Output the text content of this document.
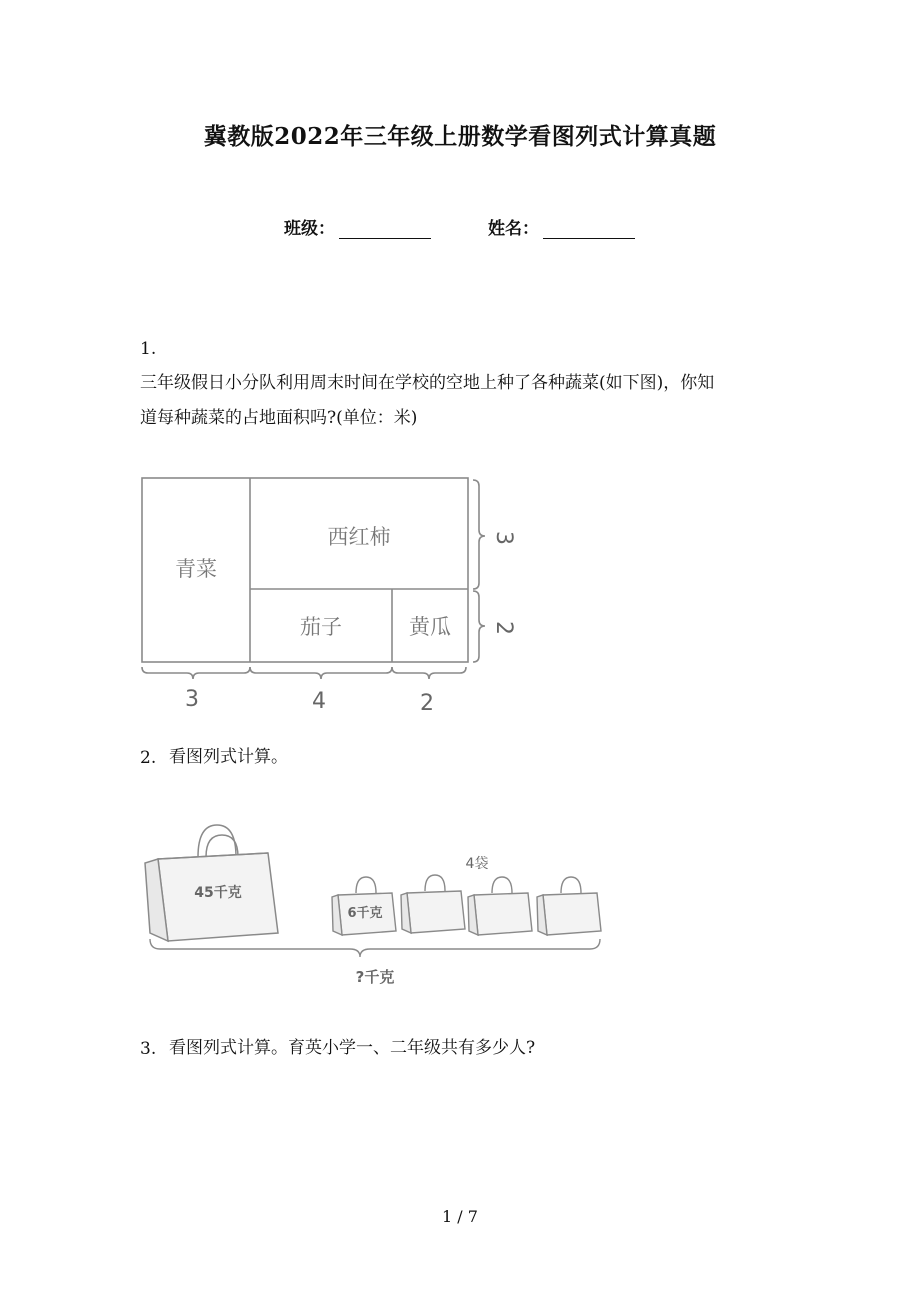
冀教版2022年三年级上册数学看图列式计算真题
班级：	姓名：
1.
三年级假日小分队利用周末时间在学校的空地上种了各种蔬菜(如下图)，你知
道每种蔬菜的占地面积吗?(单位：米)
青菜
西红柿
茄子	黄瓜
3	4	2
3
2
2. 看图列式计算。
45千克
6千克
4袋
?千克
3. 看图列式计算。育英小学一、二年级共有多少人?
1 / 7
